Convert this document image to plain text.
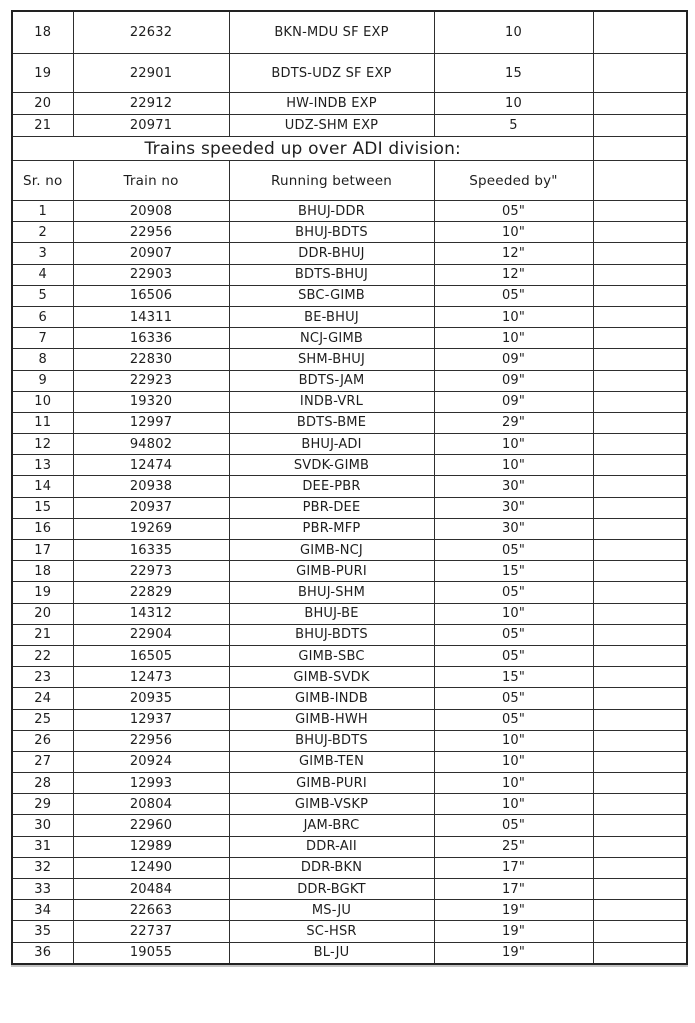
18	22632	BKN-MDU SF EXP	10	
19	22901	BDTS-UDZ SF EXP	15	
20	22912	HW-INDB EXP	10	
21	20971	UDZ-SHM EXP	5	
Trains speeded up over ADI division:				
Sr. no	Train no	Running between	Speeded by"	
1	20908	BHUJ-DDR	05"	
2	22956	BHUJ-BDTS	10"	
3	20907	DDR-BHUJ	12"	
4	22903	BDTS-BHUJ	12"	
5	16506	SBC-GIMB	05"	
6	14311	BE-BHUJ	10"	
7	16336	NCJ-GIMB	10"	
8	22830	SHM-BHUJ	09"	
9	22923	BDTS-JAM	09"	
10	19320	INDB-VRL	09"	
11	12997	BDTS-BME	29"	
12	94802	BHUJ-ADI	10"	
13	12474	SVDK-GIMB	10"	
14	20938	DEE-PBR	30"	
15	20937	PBR-DEE	30"	
16	19269	PBR-MFP	30"	
17	16335	GIMB-NCJ	05"	
18	22973	GIMB-PURI	15"	
19	22829	BHUJ-SHM	05"	
20	14312	BHUJ-BE	10"	
21	22904	BHUJ-BDTS	05"	
22	16505	GIMB-SBC	05"	
23	12473	GIMB-SVDK	15"	
24	20935	GIMB-INDB	05"	
25	12937	GIMB-HWH	05"	
26	22956	BHUJ-BDTS	10"	
27	20924	GIMB-TEN	10"	
28	12993	GIMB-PURI	10"	
29	20804	GIMB-VSKP	10"	
30	22960	JAM-BRC	05"	
31	12989	DDR-AII	25"	
32	12490	DDR-BKN	17"	
33	20484	DDR-BGKT	17"	
34	22663	MS-JU	19"	
35	22737	SC-HSR	19"	
36	19055	BL-JU	19"	
